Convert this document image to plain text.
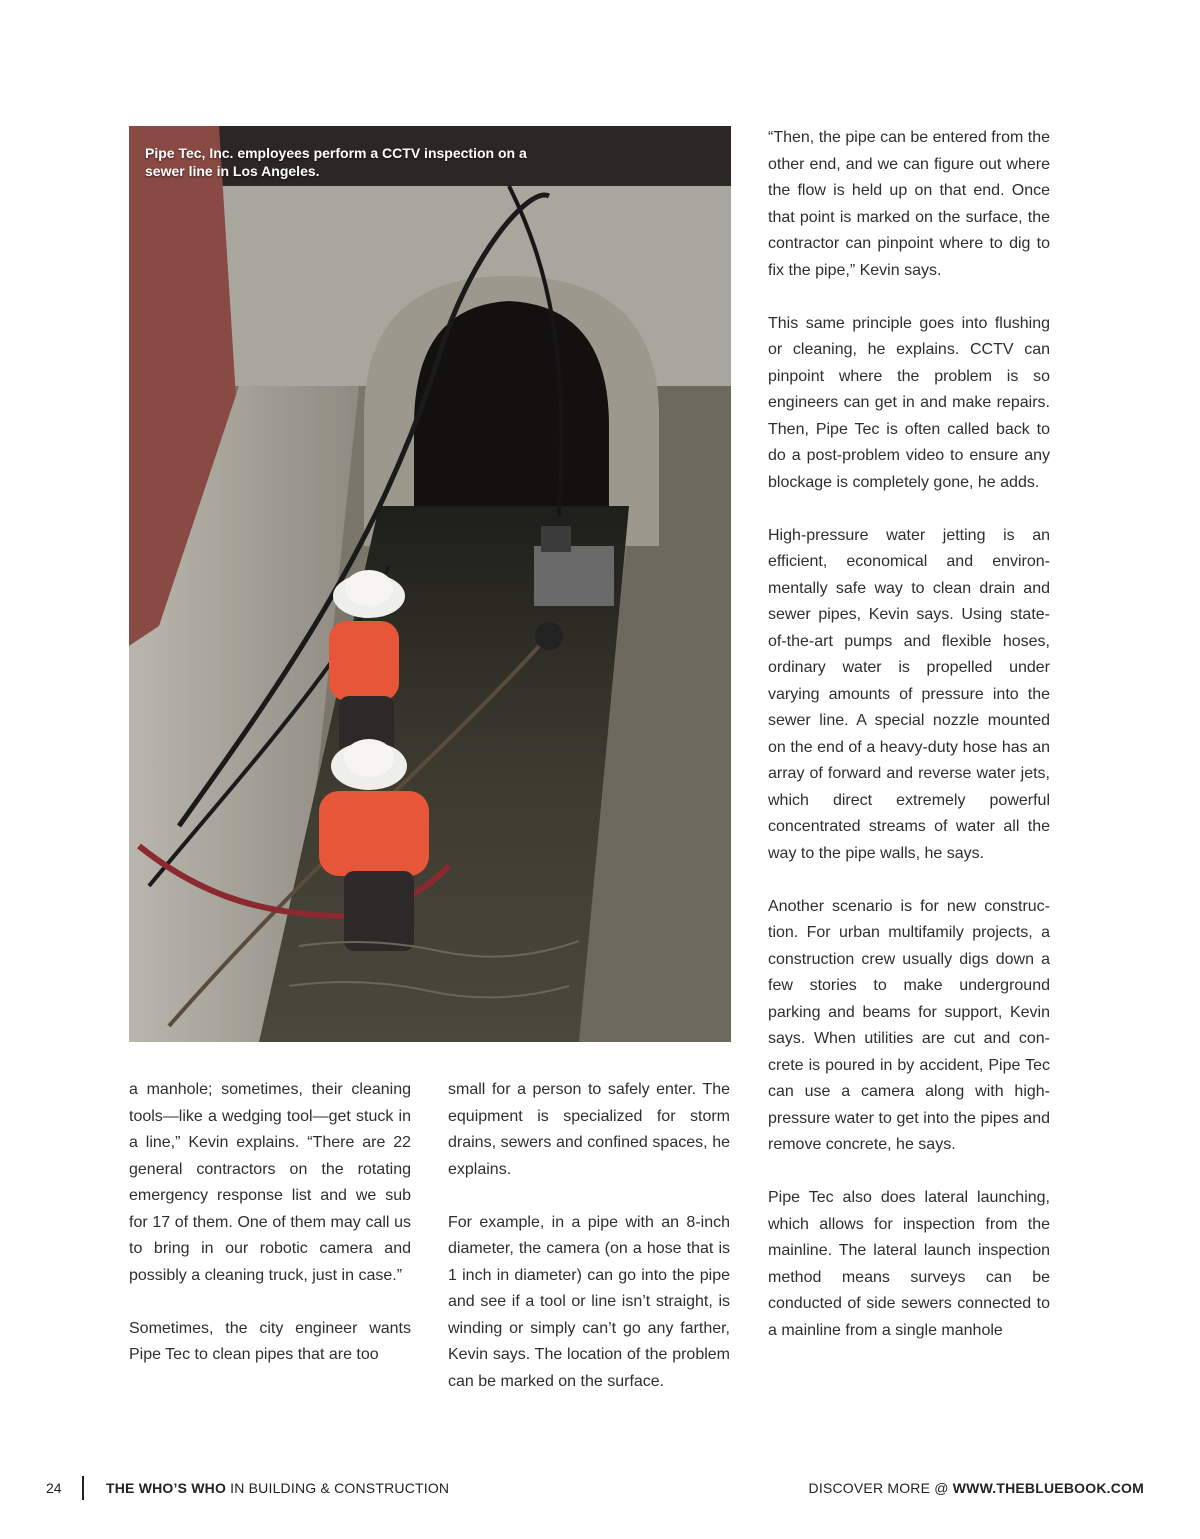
Pipe Tec, Inc. employees perform a CCTV inspection on a sewer line in Los Angeles.

a manhole; sometimes, their cleaning tools—like a wedging tool—get stuck in a line,” Kevin explains. “There are 22 general contractors on the rotating emergency response list and we sub for 17 of them. One of them may call us to bring in our robotic camera and possibly a cleaning truck, just in case.”

Sometimes, the city engineer wants Pipe Tec to clean pipes that are too

small for a person to safely enter. The equipment is specialized for storm drains, sewers and confined spaces, he explains.

For example, in a pipe with an 8-inch diameter, the camera (on a hose that is 1 inch in diameter) can go into the pipe and see if a tool or line isn’t straight, is winding or simply can’t go any farther, Kevin says. The location of the problem can be marked on the surface.

“Then, the pipe can be entered from the other end, and we can figure out where the flow is held up on that end. Once that point is marked on the surface, the contractor can pinpoint where to dig to fix the pipe,” Kevin says.

This same principle goes into flushing or cleaning, he explains. CCTV can pinpoint where the problem is so engineers can get in and make repairs. Then, Pipe Tec is often called back to do a post-problem video to ensure any blockage is completely gone, he adds.

High-pressure water jetting is an efficient, economical and environmentally safe way to clean drain and sewer pipes, Kevin says. Using state-of-the-art pumps and flexible hoses, ordinary water is propelled under varying amounts of pressure into the sewer line. A special nozzle mounted on the end of a heavy-duty hose has an array of forward and reverse water jets, which direct extremely powerful concentrated streams of water all the way to the pipe walls, he says.

Another scenario is for new construction. For urban multifamily projects, a construction crew usually digs down a few stories to make underground parking and beams for support, Kevin says. When utilities are cut and concrete is poured in by accident, Pipe Tec can use a camera along with high-pressure water to get into the pipes and remove concrete, he says.

Pipe Tec also does lateral launching, which allows for inspection from the mainline. The lateral launch inspection method means surveys can be conducted of side sewers connected to a mainline from a single manhole

24	THE WHO’S WHO IN BUILDING & CONSTRUCTION	DISCOVER MORE @ WWW.THEBLUEBOOK.COM
